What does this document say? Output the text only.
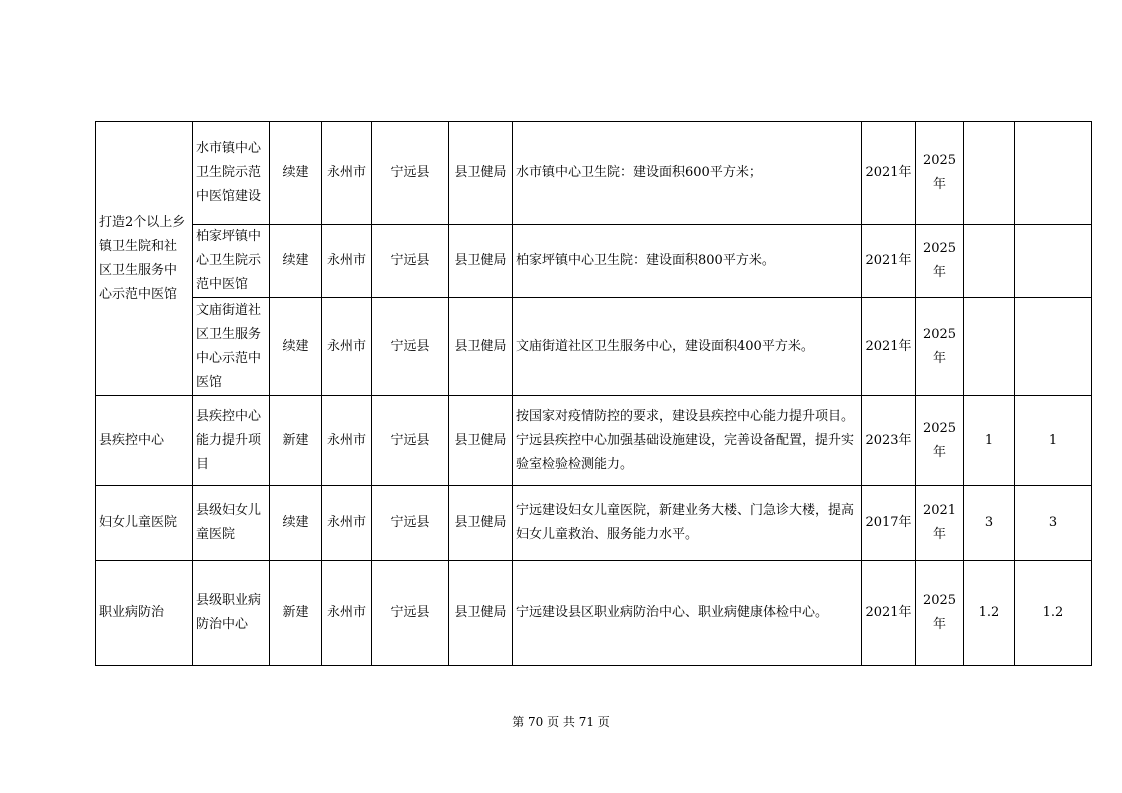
打造2个以上乡镇卫生院和社区卫生服务中心示范中医馆	水市镇中心卫生院示范中医馆建设	续建	永州市	宁远县	县卫健局	水市镇中心卫生院：建设面积600平方米；	2021年	2025年		
	柏家坪镇中心卫生院示范中医馆	续建	永州市	宁远县	县卫健局	柏家坪镇中心卫生院：建设面积800平方米。	2021年	2025年		
	文庙街道社区卫生服务中心示范中医馆	续建	永州市	宁远县	县卫健局	文庙街道社区卫生服务中心，建设面积400平方米。	2021年	2025年		
县疾控中心	县疾控中心能力提升项目	新建	永州市	宁远县	县卫健局	按国家对疫情防控的要求，建设县疾控中心能力提升项目。宁远县疾控中心加强基础设施建设，完善设备配置，提升实验室检验检测能力。	2023年	2025年	1	1
妇女儿童医院	县级妇女儿童医院	续建	永州市	宁远县	县卫健局	宁远建设妇女儿童医院，新建业务大楼、门急诊大楼，提高妇女儿童救治、服务能力水平。	2017年	2021年	3	3
职业病防治	县级职业病防治中心	新建	永州市	宁远县	县卫健局	宁远建设县区职业病防治中心、职业病健康体检中心。	2021年	2025年	1.2	1.2
第 70 页 共 71 页
